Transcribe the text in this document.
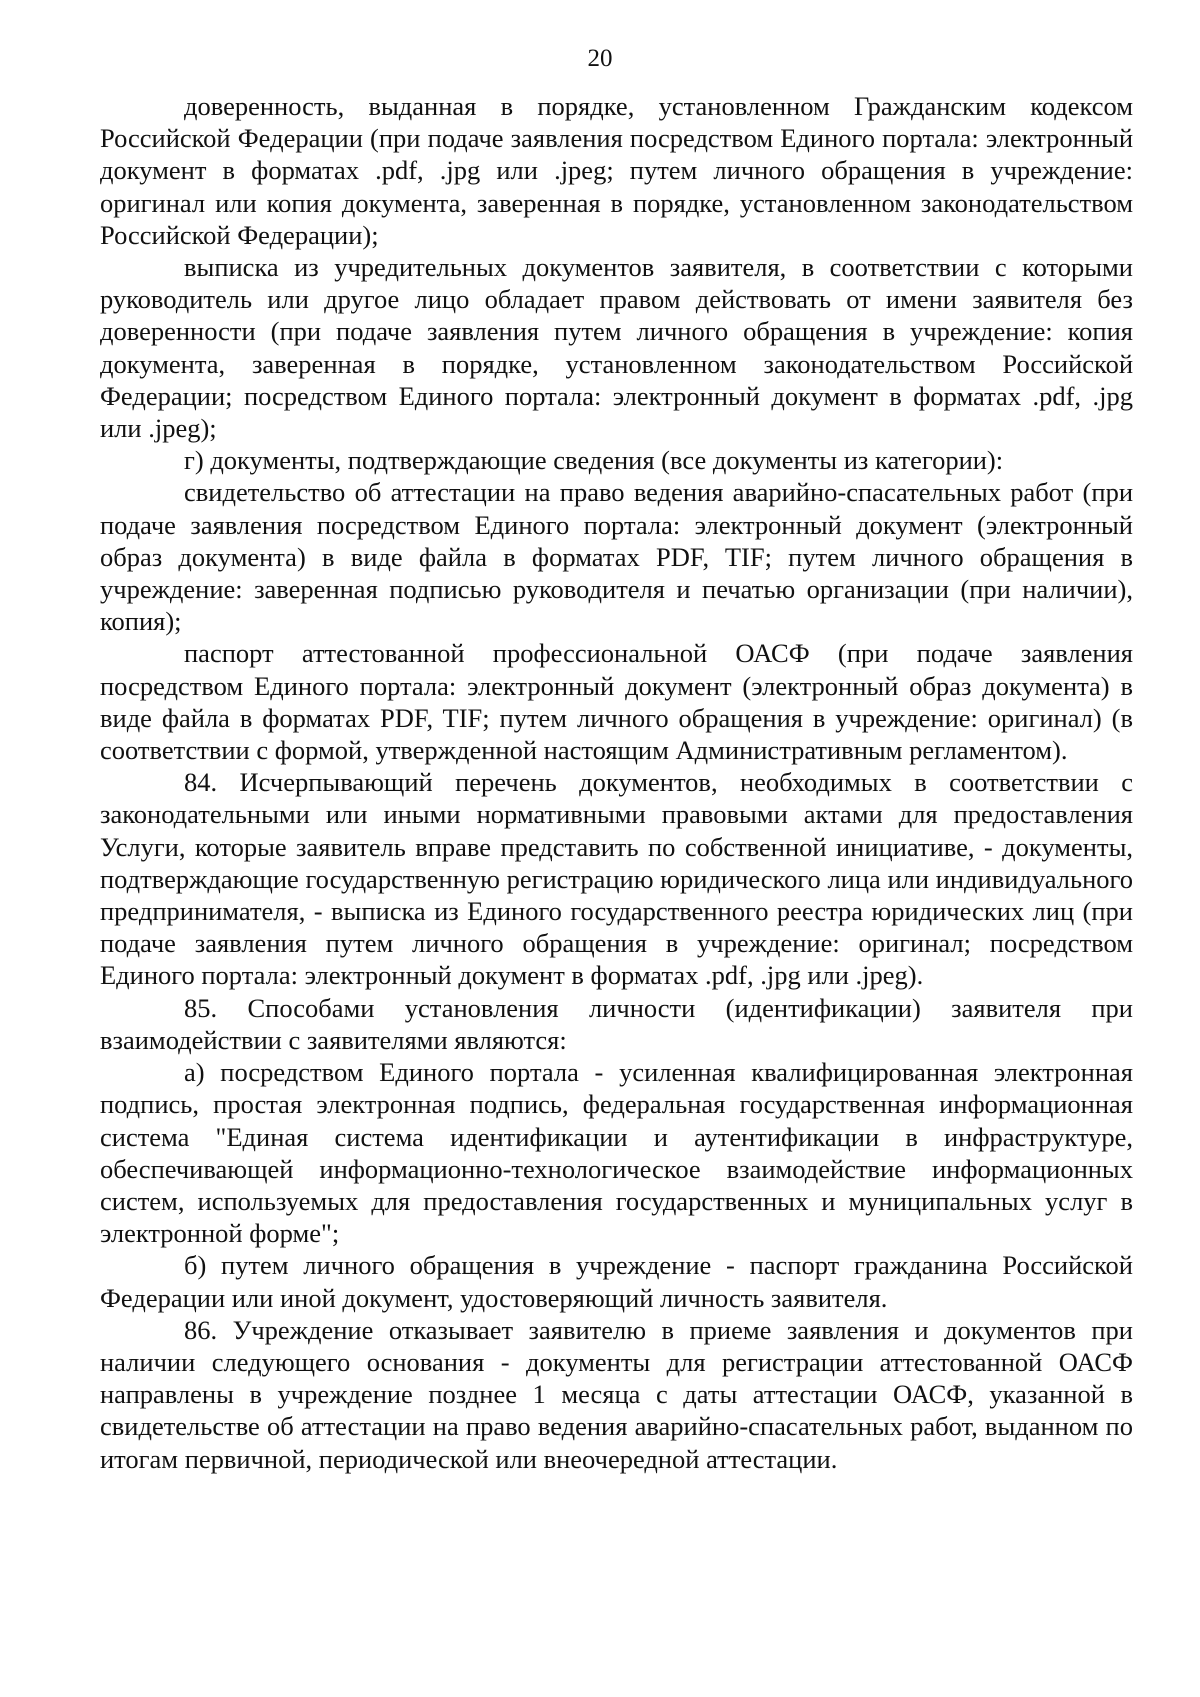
20

доверенность, выданная в порядке, установленном Гражданским кодексом Российской Федерации (при подаче заявления посредством Единого портала: электронный документ в форматах .pdf, .jpg или .jpeg; путем личного обращения в учреждение: оригинал или копия документа, заверенная в порядке, установленном законодательством Российской Федерации);

выписка из учредительных документов заявителя, в соответствии с которыми руководитель или другое лицо обладает правом действовать от имени заявителя без доверенности (при подаче заявления путем личного обращения в учреждение: копия документа, заверенная в порядке, установленном законодательством Российской Федерации; посредством Единого портала: электронный документ в форматах .pdf, .jpg или .jpeg);

г) документы, подтверждающие сведения (все документы из категории):

свидетельство об аттестации на право ведения аварийно-спасательных работ (при подаче заявления посредством Единого портала: электронный документ (электронный образ документа) в виде файла в форматах PDF, TIF; путем личного обращения в учреждение: заверенная подписью руководителя и печатью организации (при наличии), копия);

паспорт аттестованной профессиональной ОАСФ (при подаче заявления посредством Единого портала: электронный документ (электронный образ документа) в виде файла в форматах PDF, TIF; путем личного обращения в учреждение: оригинал) (в соответствии с формой, утвержденной настоящим Административным регламентом).

84. Исчерпывающий перечень документов, необходимых в соответствии с законодательными или иными нормативными правовыми актами для предоставления Услуги, которые заявитель вправе представить по собственной инициативе, - документы, подтверждающие государственную регистрацию юридического лица или индивидуального предпринимателя, - выписка из Единого государственного реестра юридических лиц (при подаче заявления путем личного обращения в учреждение: оригинал; посредством Единого портала: электронный документ в форматах .pdf, .jpg или .jpeg).

85. Способами установления личности (идентификации) заявителя при взаимодействии с заявителями являются:

а) посредством Единого портала - усиленная квалифицированная электронная подпись, простая электронная подпись, федеральная государственная информационная система "Единая система идентификации и аутентификации в инфраструктуре, обеспечивающей информационно-технологическое взаимодействие информационных систем, используемых для предоставления государственных и муниципальных услуг в электронной форме";

б) путем личного обращения в учреждение - паспорт гражданина Российской Федерации или иной документ, удостоверяющий личность заявителя.

86. Учреждение отказывает заявителю в приеме заявления и документов при наличии следующего основания - документы для регистрации аттестованной ОАСФ направлены в учреждение позднее 1 месяца с даты аттестации ОАСФ, указанной в свидетельстве об аттестации на право ведения аварийно-спасательных работ, выданном по итогам первичной, периодической или внеочередной аттестации.
